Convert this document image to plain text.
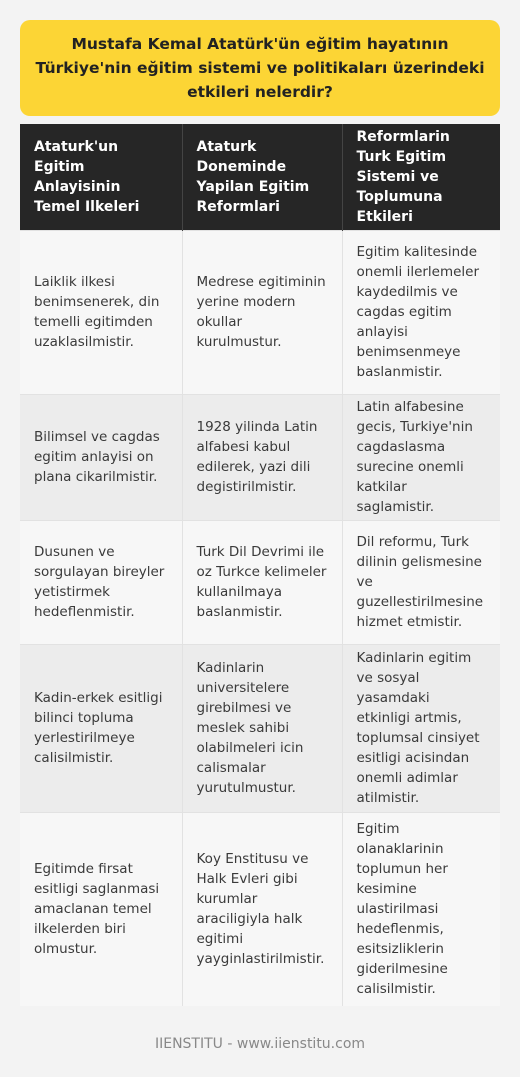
Mustafa Kemal Atatürk'ün eğitim hayatının Türkiye'nin eğitim sistemi ve politikaları üzerindeki etkileri nelerdir?
Ataturk'un Egitim Anlayisinin Temel Ilkeleri	Ataturk Doneminde Yapilan Egitim Reformlari	Reformlarin Turk Egitim Sistemi ve Toplumuna Etkileri
Laiklik ilkesi benimsenerek, din temelli egitimden uzaklasilmistir.	Medrese egitiminin yerine modern okullar kurulmustur.	Egitim kalitesinde onemli ilerlemeler kaydedilmis ve cagdas egitim anlayisi benimsenmeye baslanmistir.
Bilimsel ve cagdas egitim anlayisi on plana cikarilmistir.	1928 yilinda Latin alfabesi kabul edilerek, yazi dili degistirilmistir.	Latin alfabesine gecis, Turkiye'nin cagdaslasma surecine onemli katkilar saglamistir.
Dusunen ve sorgulayan bireyler yetistirmek hedeflenmistir.	Turk Dil Devrimi ile oz Turkce kelimeler kullanilmaya baslanmistir.	Dil reformu, Turk dilinin gelismesine ve guzellestirilmesine hizmet etmistir.
Kadin-erkek esitligi bilinci topluma yerlestirilmeye calisilmistir.	Kadinlarin universitelere girebilmesi ve meslek sahibi olabilmeleri icin calismalar yurutulmustur.	Kadinlarin egitim ve sosyal yasamdaki etkinligi artmis, toplumsal cinsiyet esitligi acisindan onemli adimlar atilmistir.
Egitimde firsat esitligi saglanmasi amaclanan temel ilkelerden biri olmustur.	Koy Enstitusu ve Halk Evleri gibi kurumlar araciligiyla halk egitimi yayginlastirilmistir.	Egitim olanaklarinin toplumun her kesimine ulastirilmasi hedeflenmis, esitsizliklerin giderilmesine calisilmistir.
IIENSTITU - www.iienstitu.com
